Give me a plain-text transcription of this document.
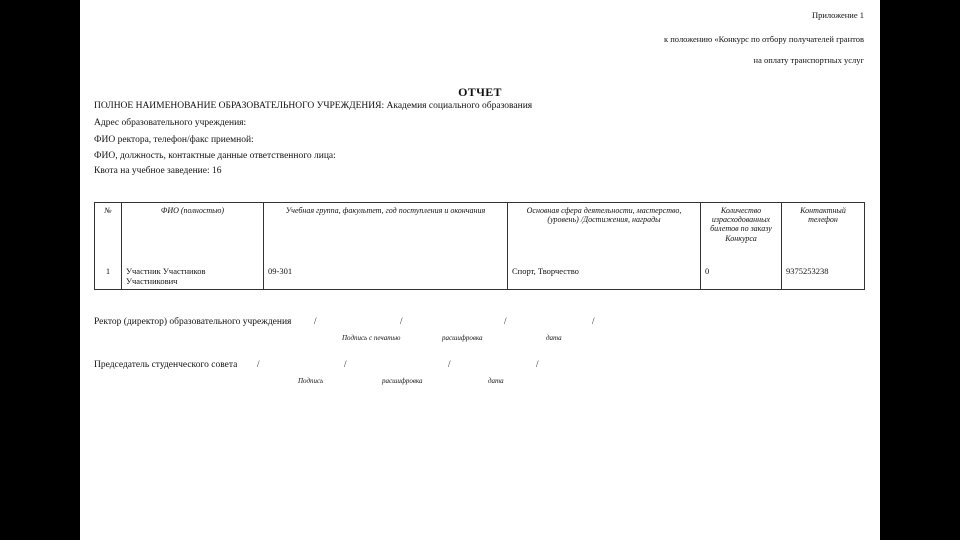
Приложение 1
к положению «Конкурс по отбору получателей грантов
на оплату транспортных услуг
ОТЧЕТ
ПОЛНОЕ НАИМЕНОВАНИЕ ОБРАЗОВАТЕЛЬНОГО УЧРЕЖДЕНИЯ: Академия социального образования
Адрес образовательного учреждения:
ФИО ректора, телефон/факс приемной:
ФИО, должность, контактные данные ответственного лица:
Квота на учебное заведение: 16
№	ФИО (полностью)	Учебная группа, факультет, год поступления и окончания	Основная сфера деятельности, мастерство, (уровень) /Достижения, награды	Количество израсходованных билетов по заказу Конкурса	Контактный телефон
1	Участник Участников Участникович	09-301	Спорт, Творчество	0	9375253238
Ректор (директор) образовательного учреждения	/	/	/	/
Подпись с печатью	расшифровка	дата
Председатель студенческого совета /	/	/	/
Подпись	расшифровка	дата
